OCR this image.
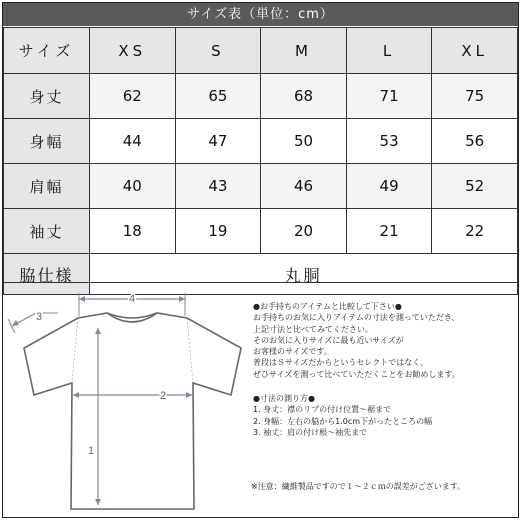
サイズ表（単位：cm）
サイズ	XS	S	M	L	XL
身丈	62	65	68	71	75
身幅	44	47	50	53	56
肩幅	40	43	46	49	52
袖丈	18	19	20	21	22
脇仕様	丸胴				
4
3
2
1

●お手持ちのアイテムと比較して下さい●

お手持ちのお気に入りアイテムの寸法を測っていただき、

上記寸法と比べてみてください。

そのお気に入りサイズに最も近いサイズが

お客様のサイズです。

普段はＳサイズだからというセレクトではなく、

ぜひサイズを測って比べていただくことをお勧めします。

●寸法の測り方●

1. 身丈：襟のリブの付け位置～裾まで

2. 身幅：左右の脇から1.0cm下がったところの幅

3. 袖丈：肩の付け根～袖先まで

※注意：繊維製品ですので１～２ｃｍの誤差がございます。
